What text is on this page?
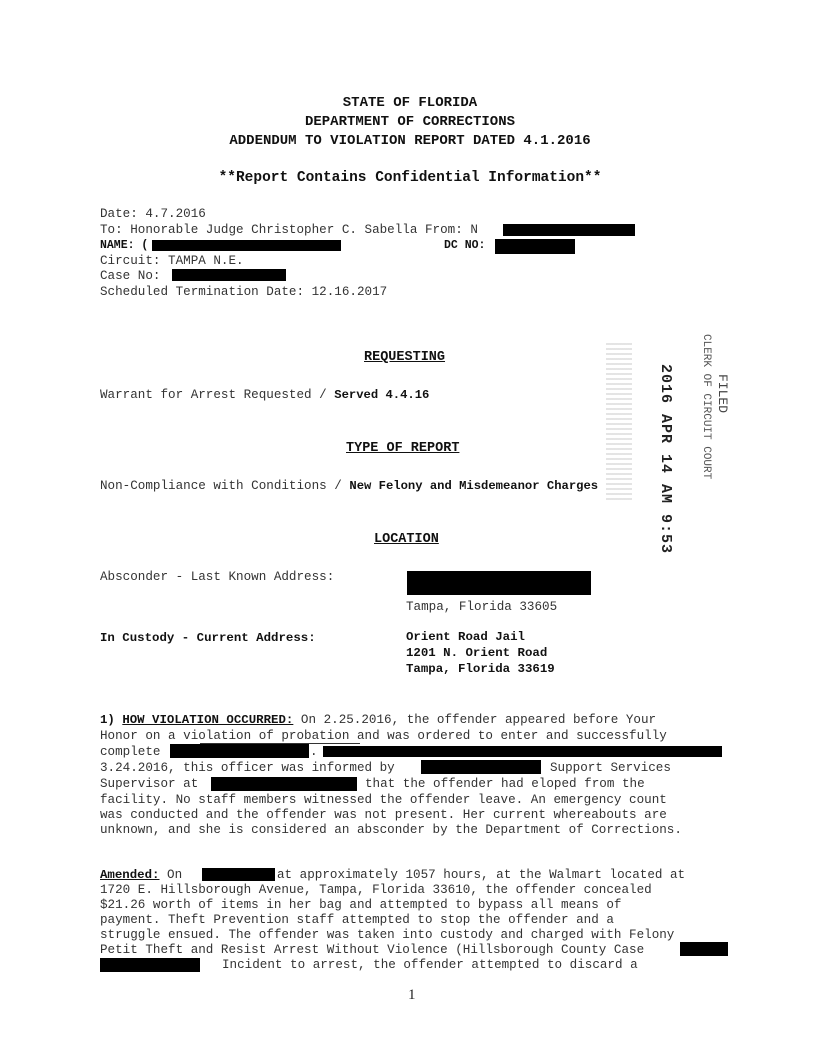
STATE OF FLORIDA
DEPARTMENT OF CORRECTIONS
ADDENDUM TO VIOLATION REPORT DATED 4.1.2016
**Report Contains Confidential Information**
Date: 4.7.2016
To: Honorable Judge Christopher C. Sabella From: N
NAME: (	DC NO:
Circuit: TAMPA N.E.
Case No:
Scheduled Termination Date: 12.16.2017
REQUESTING
Warrant for Arrest Requested / Served 4.4.16
TYPE OF REPORT
Non-Compliance with Conditions / New Felony and Misdemeanor Charges	2016 APR 14 AM 9:53 CLERK OF CIRCUIT COURT FILED
LOCATION
Absconder - Last Known Address:
Tampa, Florida 33605
In Custody - Current Address:	Orient Road Jail
1201 N. Orient Road
Tampa, Florida 33619
1) HOW VIOLATION OCCURRED: On 2.25.2016, the offender appeared before Your
Honor on a violation of probation and was ordered to enter and successfully
complete	.
3.24.2016, this officer was informed by	Support Services
Supervisor at	that the offender had eloped from the
facility. No staff members witnessed the offender leave. An emergency count
was conducted and the offender was not present. Her current whereabouts are
unknown, and she is considered an absconder by the Department of Corrections.
Amended: On	at approximately 1057 hours, at the Walmart located at
1720 E. Hillsborough Avenue, Tampa, Florida 33610, the offender concealed
$21.26 worth of items in her bag and attempted to bypass all means of
payment. Theft Prevention staff attempted to stop the offender and a
struggle ensued. The offender was taken into custody and charged with Felony
Petit Theft and Resist Arrest Without Violence (Hillsborough County Case
Incident to arrest, the offender attempted to discard a
1
